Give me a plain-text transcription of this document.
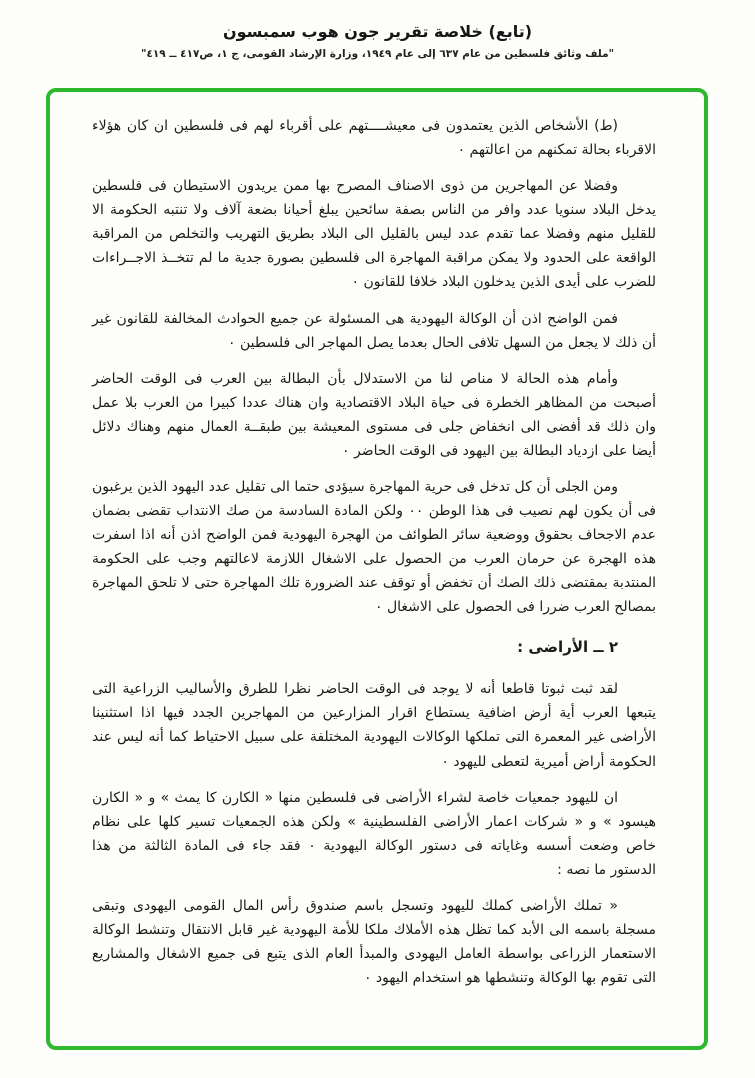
(تابع) خلاصة تقرير جون هوب سمبسون
"ملف وثائق فلسطين من عام ٦٣٧ إلى عام ١٩٤٩، وزارة الإرشاد القومى، ج ١، ص٤١٧ ــ ٤١٩"

(ط) الأشخاص الذين يعتمدون فى معيشــــتهم على أقرباء لهم فى فلسطين ان كان هؤلاء الاقرباء بحالة تمكنهم من اعالتهم ٠

وفضلا عن المهاجرين من ذوى الاصناف المصرح بها ممن يريدون الاستيطان فى فلسطين يدخل البلاد سنويا عدد وافر من الناس بصفة سائحين يبلغ أحيانا بضعة آلاف ولا تنتبه الحكومة الا للقليل منهم وفضلا عما تقدم عدد ليس بالقليل الى البلاد بطريق التهريب والتخلص من المراقبة الواقعة على الحدود ولا يمكن مراقبة المهاجرة الى فلسطين بصورة جدية ما لم تتخــذ الاجــراءات للضرب على أيدى الذين يدخلون البلاد خلافا للقانون ٠

فمن الواضح اذن أن الوكالة اليهودية هى المسئولة عن جميع الحوادث المخالفة للقانون غير أن ذلك لا يجعل من السهل تلافى الحال بعدما يصل المهاجر الى فلسطين ٠

وأمام هذه الحالة لا مناص لنا من الاستدلال بأن البطالة بين العرب فى الوقت الحاضر أصبحت من المظاهر الخطرة فى حياة البلاد الاقتصادية وان هناك عددا كبيرا من العرب بلا عمل وان ذلك قد أفضى الى انخفاض جلى فى مستوى المعيشة بين طبقــة العمال منهم وهناك دلائل أيضا على ازدياد البطالة بين اليهود فى الوقت الحاضر ٠

ومن الجلى أن كل تدخل فى حرية المهاجرة سيؤدى حتما الى تقليل عدد اليهود الذين يرغبون فى أن يكون لهم نصيب فى هذا الوطن ٠٠ ولكن المادة السادسة من صك الانتداب تقضى بضمان عدم الاجحاف بحقوق ووضعية سائر الطوائف من الهجرة اليهودية فمن الواضح اذن أنه اذا اسفرت هذه الهجرة عن حرمان العرب من الحصول على الاشغال اللازمة لاعالتهم وجب على الحكومة المنتدبة بمقتضى ذلك الصك أن تخفض أو توقف عند الضرورة تلك المهاجرة حتى لا تلحق المهاجرة بمصالح العرب ضررا فى الحصول على الاشغال ٠

٢ ــ الأراضى :

لقد ثبت ثبوتا قاطعا أنه لا يوجد فى الوقت الحاضر نظرا للطرق والأساليب الزراعية التى يتبعها العرب أية أرض اضافية يستطاع اقرار المزارعين من المهاجرين الجدد فيها اذا استثنينا الأراضى غير المعمرة التى تملكها الوكالات اليهودية المختلفة على سبيل الاحتياط كما أنه ليس عند الحكومة أراض أميرية لتعطى لليهود ٠

ان لليهود جمعيات خاصة لشراء الأراضى فى فلسطين منها « الكارن كا يمث » و « الكارن هيسود » و « شركات اعمار الأراضى الفلسطينية » ولكن هذه الجمعيات تسير كلها على نظام خاص وضعت أسسه وغاياته فى دستور الوكالة اليهودية ٠ فقد جاء فى المادة الثالثة من هذا الدستور ما نصه :

« تملك الأراضى كملك لليهود وتسجل باسم صندوق رأس المال القومى اليهودى وتبقى مسجلة باسمه الى الأبد كما تظل هذه الأملاك ملكا للأمة اليهودية غير قابل الانتقال وتنشط الوكالة الاستعمار الزراعى بواسطة العامل اليهودى والمبدأ العام الذى يتبع فى جميع الاشغال والمشاريع التى تقوم بها الوكالة وتنشطها هو استخدام اليهود ٠
